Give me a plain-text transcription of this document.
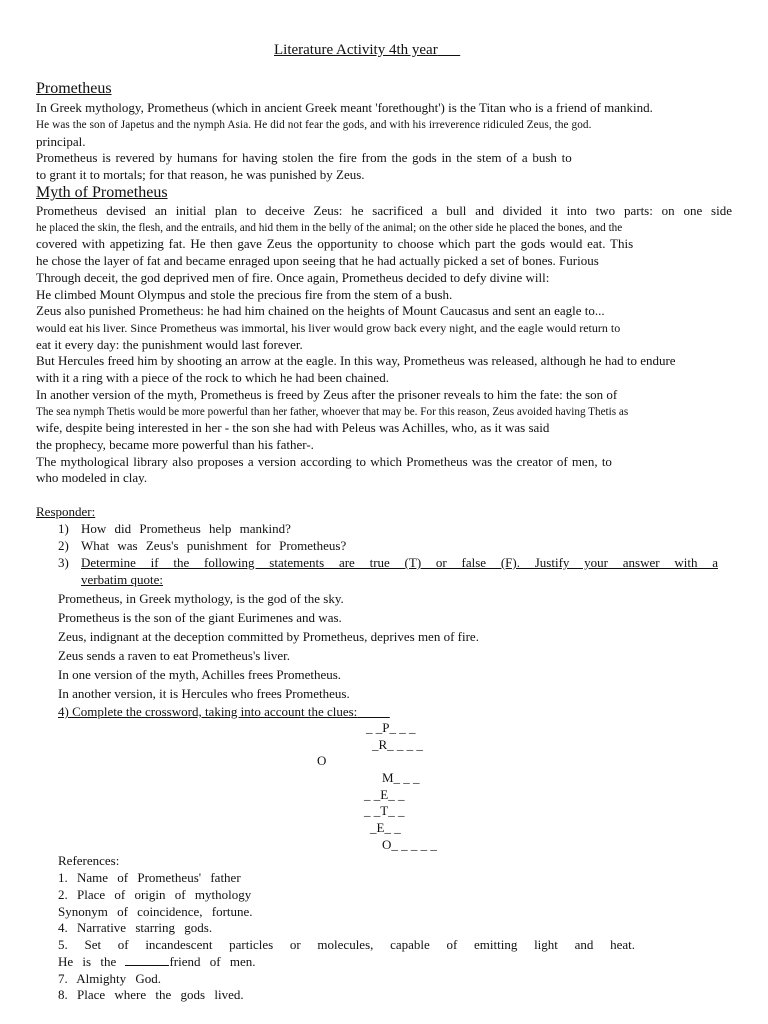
Literature Activity 4th year
Prometheus
In Greek mythology, Prometheus (which in ancient Greek meant 'forethought') is the Titan who is a friend of mankind.
He was the son of Japetus and the nymph Asia. He did not fear the gods, and with his irreverence ridiculed Zeus, the god.
principal.
Prometheus is revered by humans for having stolen the fire from the gods in the stem of a bush to
to grant it to mortals; for that reason, he was punished by Zeus.
Myth of Prometheus
Prometheus devised an initial plan to deceive Zeus: he sacrificed a bull and divided it into two parts: on one side
he placed the skin, the flesh, and the entrails, and hid them in the belly of the animal; on the other side he placed the bones, and the
covered with appetizing fat. He then gave Zeus the opportunity to choose which part the gods would eat. This
he chose the layer of fat and became enraged upon seeing that he had actually picked a set of bones. Furious
Through deceit, the god deprived men of fire. Once again, Prometheus decided to defy divine will:
He climbed Mount Olympus and stole the precious fire from the stem of a bush.
Zeus also punished Prometheus: he had him chained on the heights of Mount Caucasus and sent an eagle to...
would eat his liver. Since Prometheus was immortal, his liver would grow back every night, and the eagle would return to
eat it every day: the punishment would last forever.
But Hercules freed him by shooting an arrow at the eagle. In this way, Prometheus was released, although he had to endure
with it a ring with a piece of the rock to which he had been chained.
In another version of the myth, Prometheus is freed by Zeus after the prisoner reveals to him the fate: the son of
The sea nymph Thetis would be more powerful than her father, whoever that may be. For this reason, Zeus avoided having Thetis as
wife, despite being interested in her - the son she had with Peleus was Achilles, who, as it was said
the prophecy, became more powerful than his father-.
The mythological library also proposes a version according to which Prometheus was the creator of men, to
who modeled in clay.
Responder:
1) How did Prometheus help mankind?
2) What was Zeus's punishment for Prometheus?
3) Determine if the following statements are true (T) or false (F). Justify your answer with a
verbatim quote:
Prometheus, in Greek mythology, is the god of the sky.
Prometheus is the son of the giant Eurimenes and was.
Zeus, indignant at the deception committed by Prometheus, deprives men of fire.
Zeus sends a raven to eat Prometheus's liver.
In one version of the myth, Achilles frees Prometheus.
In another version, it is Hercules who frees Prometheus.
4) Complete the crossword, taking into account the clues:
_ _P_ _ _
_R_ _ _ _
O
M_ _ _
_ _E_ _
_ _T_ _
_E_ _
O_ _ _ _ _
References:
1. Name of Prometheus' father
2. Place of origin of mythology
Synonym of coincidence, fortune.
4. Narrative starring gods.
5. Set of incandescent particles or molecules, capable of emitting light and heat.
He is the	friend of men.
7. Almighty God.
8. Place where the gods lived.
